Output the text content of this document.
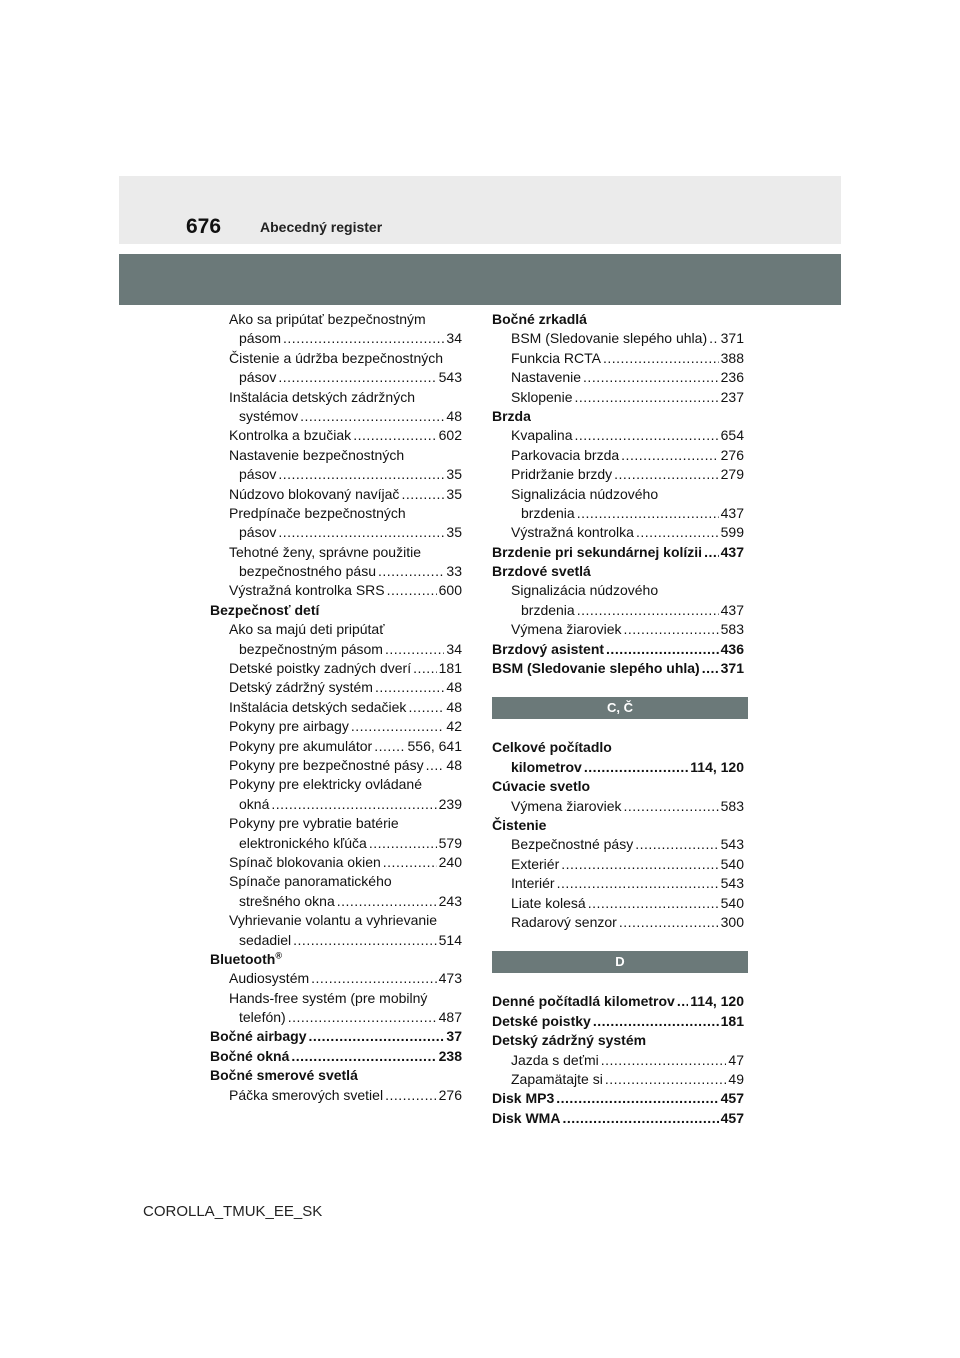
676	Abecedný register
Ako sa pripútať bezpečnostným
pásom .....	34
Čistenie a údržba bezpečnostných
pásov .....	543
Inštalácia detských zádržných
systémov .....	48
Kontrolka a bzučiak .....	602
Nastavenie bezpečnostných
pásov .....	35
Núdzovo blokovaný navíjač .....	35
Predpínače bezpečnostných
pásov .....	35
Tehotné ženy, správne použitie
bezpečnostného pásu .....	33
Výstražná kontrolka SRS .....	600
Bezpečnosť detí
Ako sa majú deti pripútať
bezpečnostným pásom .....	34
Detské poistky zadných dverí ..... 181
Detský zádržný systém .....	48
Inštalácia detských sedačiek .....	48
Pokyny pre airbagy .....	42
Pokyny pre akumulátor .....	556, 641
Pokyny pre bezpečnostné pásy ..... 48
Pokyny pre elektricky ovládané
okná .....	239
Pokyny pre vybratie batérie
elektronického kľúča .....	579
Spínač blokovania okien .....	240
Spínače panoramatického
strešného okna .....	243
Vyhrievanie volantu a vyhrievanie
sedadiel .....	514
Bluetooth®
Audiosystém .....	473
Hands-free systém (pre mobilný
telefón) .....	487
Bočné airbagy .....	37
Bočné okná .....	238
Bočné smerové svetlá
Páčka smerových svetiel .....	276
Bočné zrkadlá
BSM (Sledovanie slepého uhla) ..... 371
Funkcia RCTA .....	388
Nastavenie .....	236
Sklopenie .....	237
Brzda
Kvapalina .....	654
Parkovacia brzda .....	276
Pridržanie brzdy .....	279
Signalizácia núdzového
brzdenia .....	437
Výstražná kontrolka .....	599
Brzdenie pri sekundárnej kolízii ..... 437
Brzdové svetlá
Signalizácia núdzového
brzdenia .....	437
Výmena žiaroviek .....	583
Brzdový asistent .....	436
BSM (Sledovanie slepého uhla) ..... 371
C, Č
Celkové počítadlo
kilometrov .....	114, 120
Cúvacie svetlo
Výmena žiaroviek .....	583
Čistenie
Bezpečnostné pásy .....	543
Exteriér .....	540
Interiér .....	543
Liate kolesá .....	540
Radarový senzor .....	300
D
Denné počítadlá kilometrov ..... 114, 120
Detské poistky .....	181
Detský zádržný systém
Jazda s deťmi .....	47
Zapamätajte si .....	49
Disk MP3 .....	457
Disk WMA .....	457
COROLLA_TMUK_EE_SK
